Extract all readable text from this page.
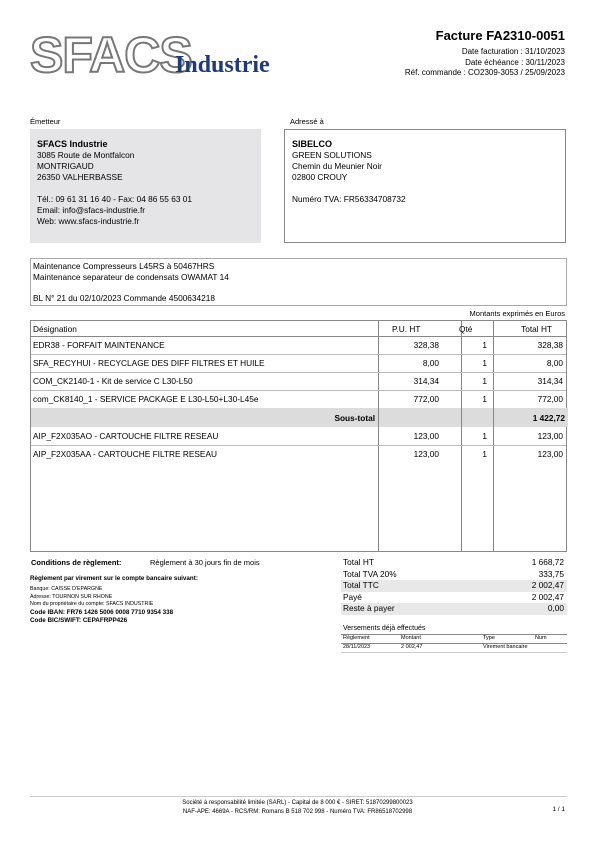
SFACS
Industrie
Facture FA2310-0051
Date facturation : 31/10/2023
Date échéance : 30/11/2023
Réf. commande : CO2309-3053 / 25/09/2023
Émetteur
SFACS Industrie
3085 Route de Montfalcon
MONTRIGAUD
26350 VALHERBASSE
Tél.: 09 61 31 16 40 - Fax: 04 86 55 63 01
Email: info@sfacs-industrie.fr
Web: www.sfacs-industrie.fr
Adressé à
SIBELCO
GREEN SOLUTIONS
Chemin du Meunier Noir
02800 CROUY
Numéro TVA: FR56334708732
Maintenance Compresseurs L45RS à 50467HRS
Maintenance separateur de condensats OWAMAT 14
BL N° 21 du 02/10/2023 Commande 4500634218
Montants exprimés en Euros
Désignation	P.U. HT	Qté	Total HT
EDR38 - FORFAIT MAINTENANCE	328,38	1	328,38
SFA_RECYHUI - RECYCLAGE DES DIFF FILTRES ET HUILE	8,00	1	8,00
COM_CK2140-1 - Kit de service C L30-L50	314,34	1	314,34
com_CK8140_1 - SERVICE PACKAGE E L30-L50+L30-L45e	772,00	1	772,00
Sous-total	1 422,72
AIP_F2X035AO - CARTOUCHE FILTRE RESEAU	123,00	1	123,00
AIP_F2X035AA - CARTOUCHE FILTRE RESEAU	123,00	1	123,00
Conditions de règlement:	Règlement à 30 jours fin de mois
Règlement par virement sur le compte bancaire suivant:
Banque: CAISSE D'EPARGNE
Adresse: TOURNON SUR RHONE
Nom du propriétaire du compte: SFACS INDUSTRIE
Code IBAN: FR76 1426 5006 0008 7710 9354 338
Code BIC/SWIFT: CEPAFRPP426
Total HT	1 668,72
Total TVA 20%	333,75
Total TTC	2 002,47
Payé	2 002,47
Reste à payer	0,00
Versements déjà effectués
Règlement	Montant	Type	Num
28/11/2023	2 002,47	Virement bancaire
Société à responsabilité limitée (SARL) - Capital de 8 000 € - SIRET: 51870299800023
NAF-APE: 4669A - RCS/RM: Romans B 518 702 998 - Numéro TVA: FR86518702998	1 / 1
